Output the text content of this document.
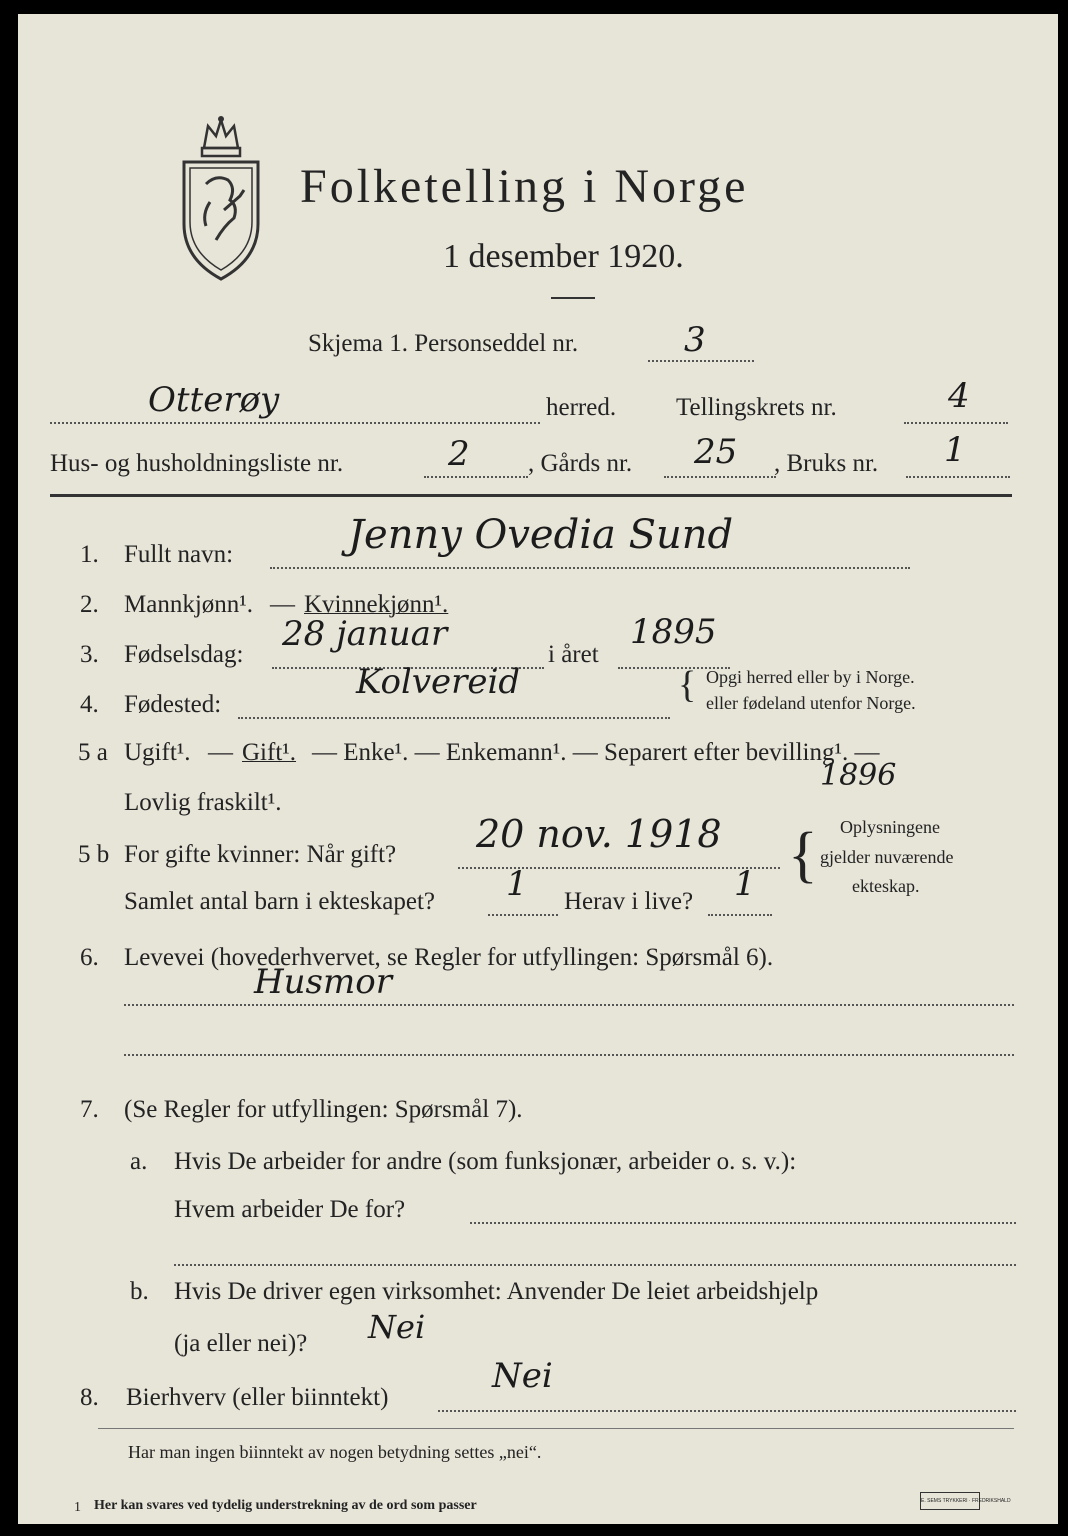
Folketelling i Norge
1 desember 1920.
Skjema 1. Personseddel nr.	3
Otterøy	herred. Tellingskrets nr.	4
Hus- og husholdningsliste nr.	2 , Gårds nr. 25 , Bruks nr. 1
1. Fullt navn:	Jenny Ovedia Sund
2. Mannkjønn¹. — Kvinnekjønn¹.
3. Fødselsdag:
28 januar
i året
1895
4. Fødested:
Kolvereid	{ Opgi herred eller by i Norge.
eller fødeland utenfor Norge.
5 a Ugift¹. — Gift¹. — Enke¹. — Enkemann¹. — Separert efter bevilling¹. —
Lovlig fraskilt¹.
1896
5 b For gifte kvinner: Når gift? 20 nov. 1918
Samlet antal barn i ekteskapet? 1 Herav i live? 1 { Oplysningene
gjelder nuværende
ekteskap.
6. Levevei (hovederhvervet, se Regler for utfyllingen: Spørsmål 6).
Husmor
7. (Se Regler for utfyllingen: Spørsmål 7).
a. Hvis De arbeider for andre (som funksjonær, arbeider o. s. v.):
Hvem arbeider De for?
b. Hvis De driver egen virksomhet: Anvender De leiet arbeidshjelp
(ja eller nei)? Nei
8. Bierhverv (eller biinntekt)
Nei
Har man ingen biinntekt av nogen betydning settes „nei“.
1 Her kan svares ved tydelig understrekning av de ord som passer	E. SEMS TRYKKERI · FREDRIKSHALD
